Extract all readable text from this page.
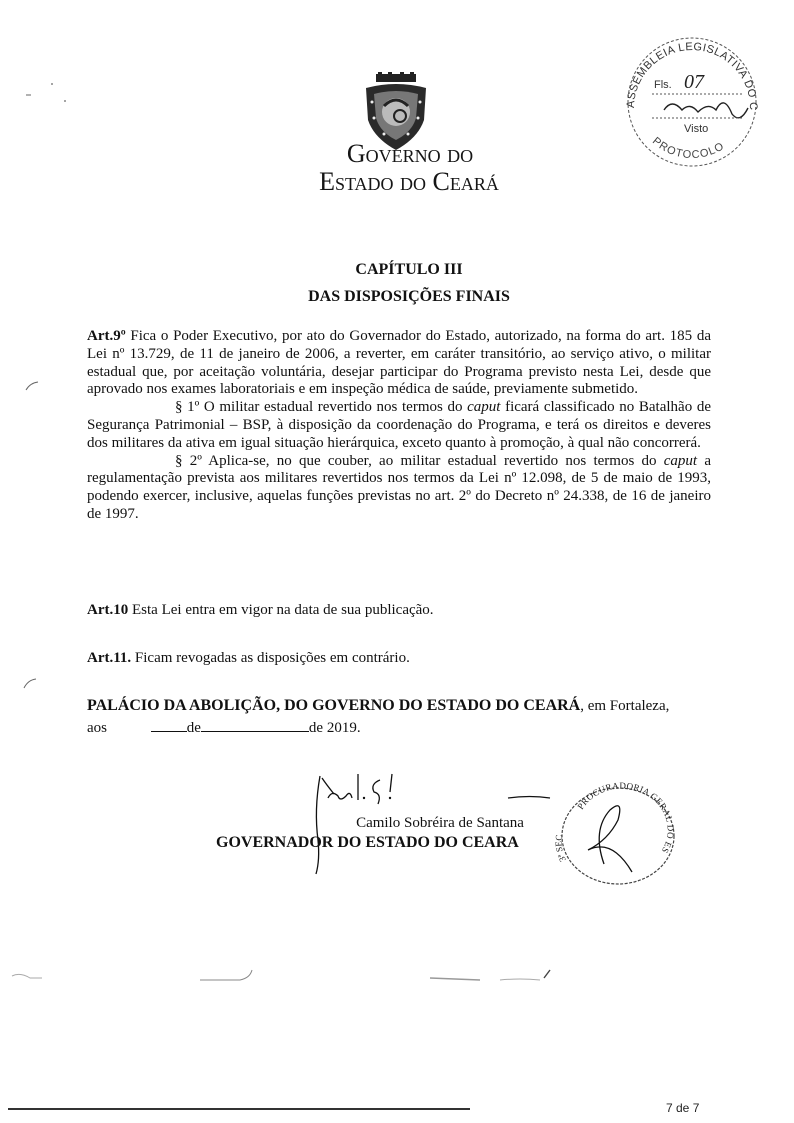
Governo do
Estado do Ceará
ASSEMBLEIA LEGISLATIVA DO C
PROTOCOLO
Fls. 07
Visto
CAPÍTULO III
DAS DISPOSIÇÕES FINAIS

Art.9º Fica o Poder Executivo, por ato do Governador do Estado, autorizado, na forma do art. 185 da Lei nº 13.729, de 11 de janeiro de 2006, a reverter, em caráter transitório, ao serviço ativo, o militar estadual que, por aceitação voluntária, desejar participar do Programa previsto nesta Lei, desde que aprovado nos exames laboratoriais e em inspeção médica de saúde, previamente submetido.

§ 1º O militar estadual revertido nos termos do caput ficará classificado no Batalhão de Segurança Patrimonial – BSP, à disposição da coordenação do Programa, e terá os direitos e deveres dos militares da ativa em igual situação hierárquica, exceto quanto à promoção, à qual não concorrerá.

§ 2º Aplica-se, no que couber, ao militar estadual revertido nos termos do caput a regulamentação prevista aos militares revertidos nos termos da Lei nº 12.098, de 5 de maio de 1993, podendo exercer, inclusive, aquelas funções previstas no art. 2º do Decreto nº 24.338, de 16 de janeiro de 1997.

Art.10 Esta Lei entra em vigor na data de sua publicação.
Art.11. Ficam revogadas as disposições em contrário.
PALÁCIO DA ABOLIÇÃO, DO GOVERNO DO ESTADO DO CEARÁ, em Fortaleza,
aos	de	de 2019.
Camilo Sobréira de Santana
GOVERNADOR DO ESTADO DO CEARA
PROCURADORIA GERAL DO ES
3ª SEC
7 de 7
